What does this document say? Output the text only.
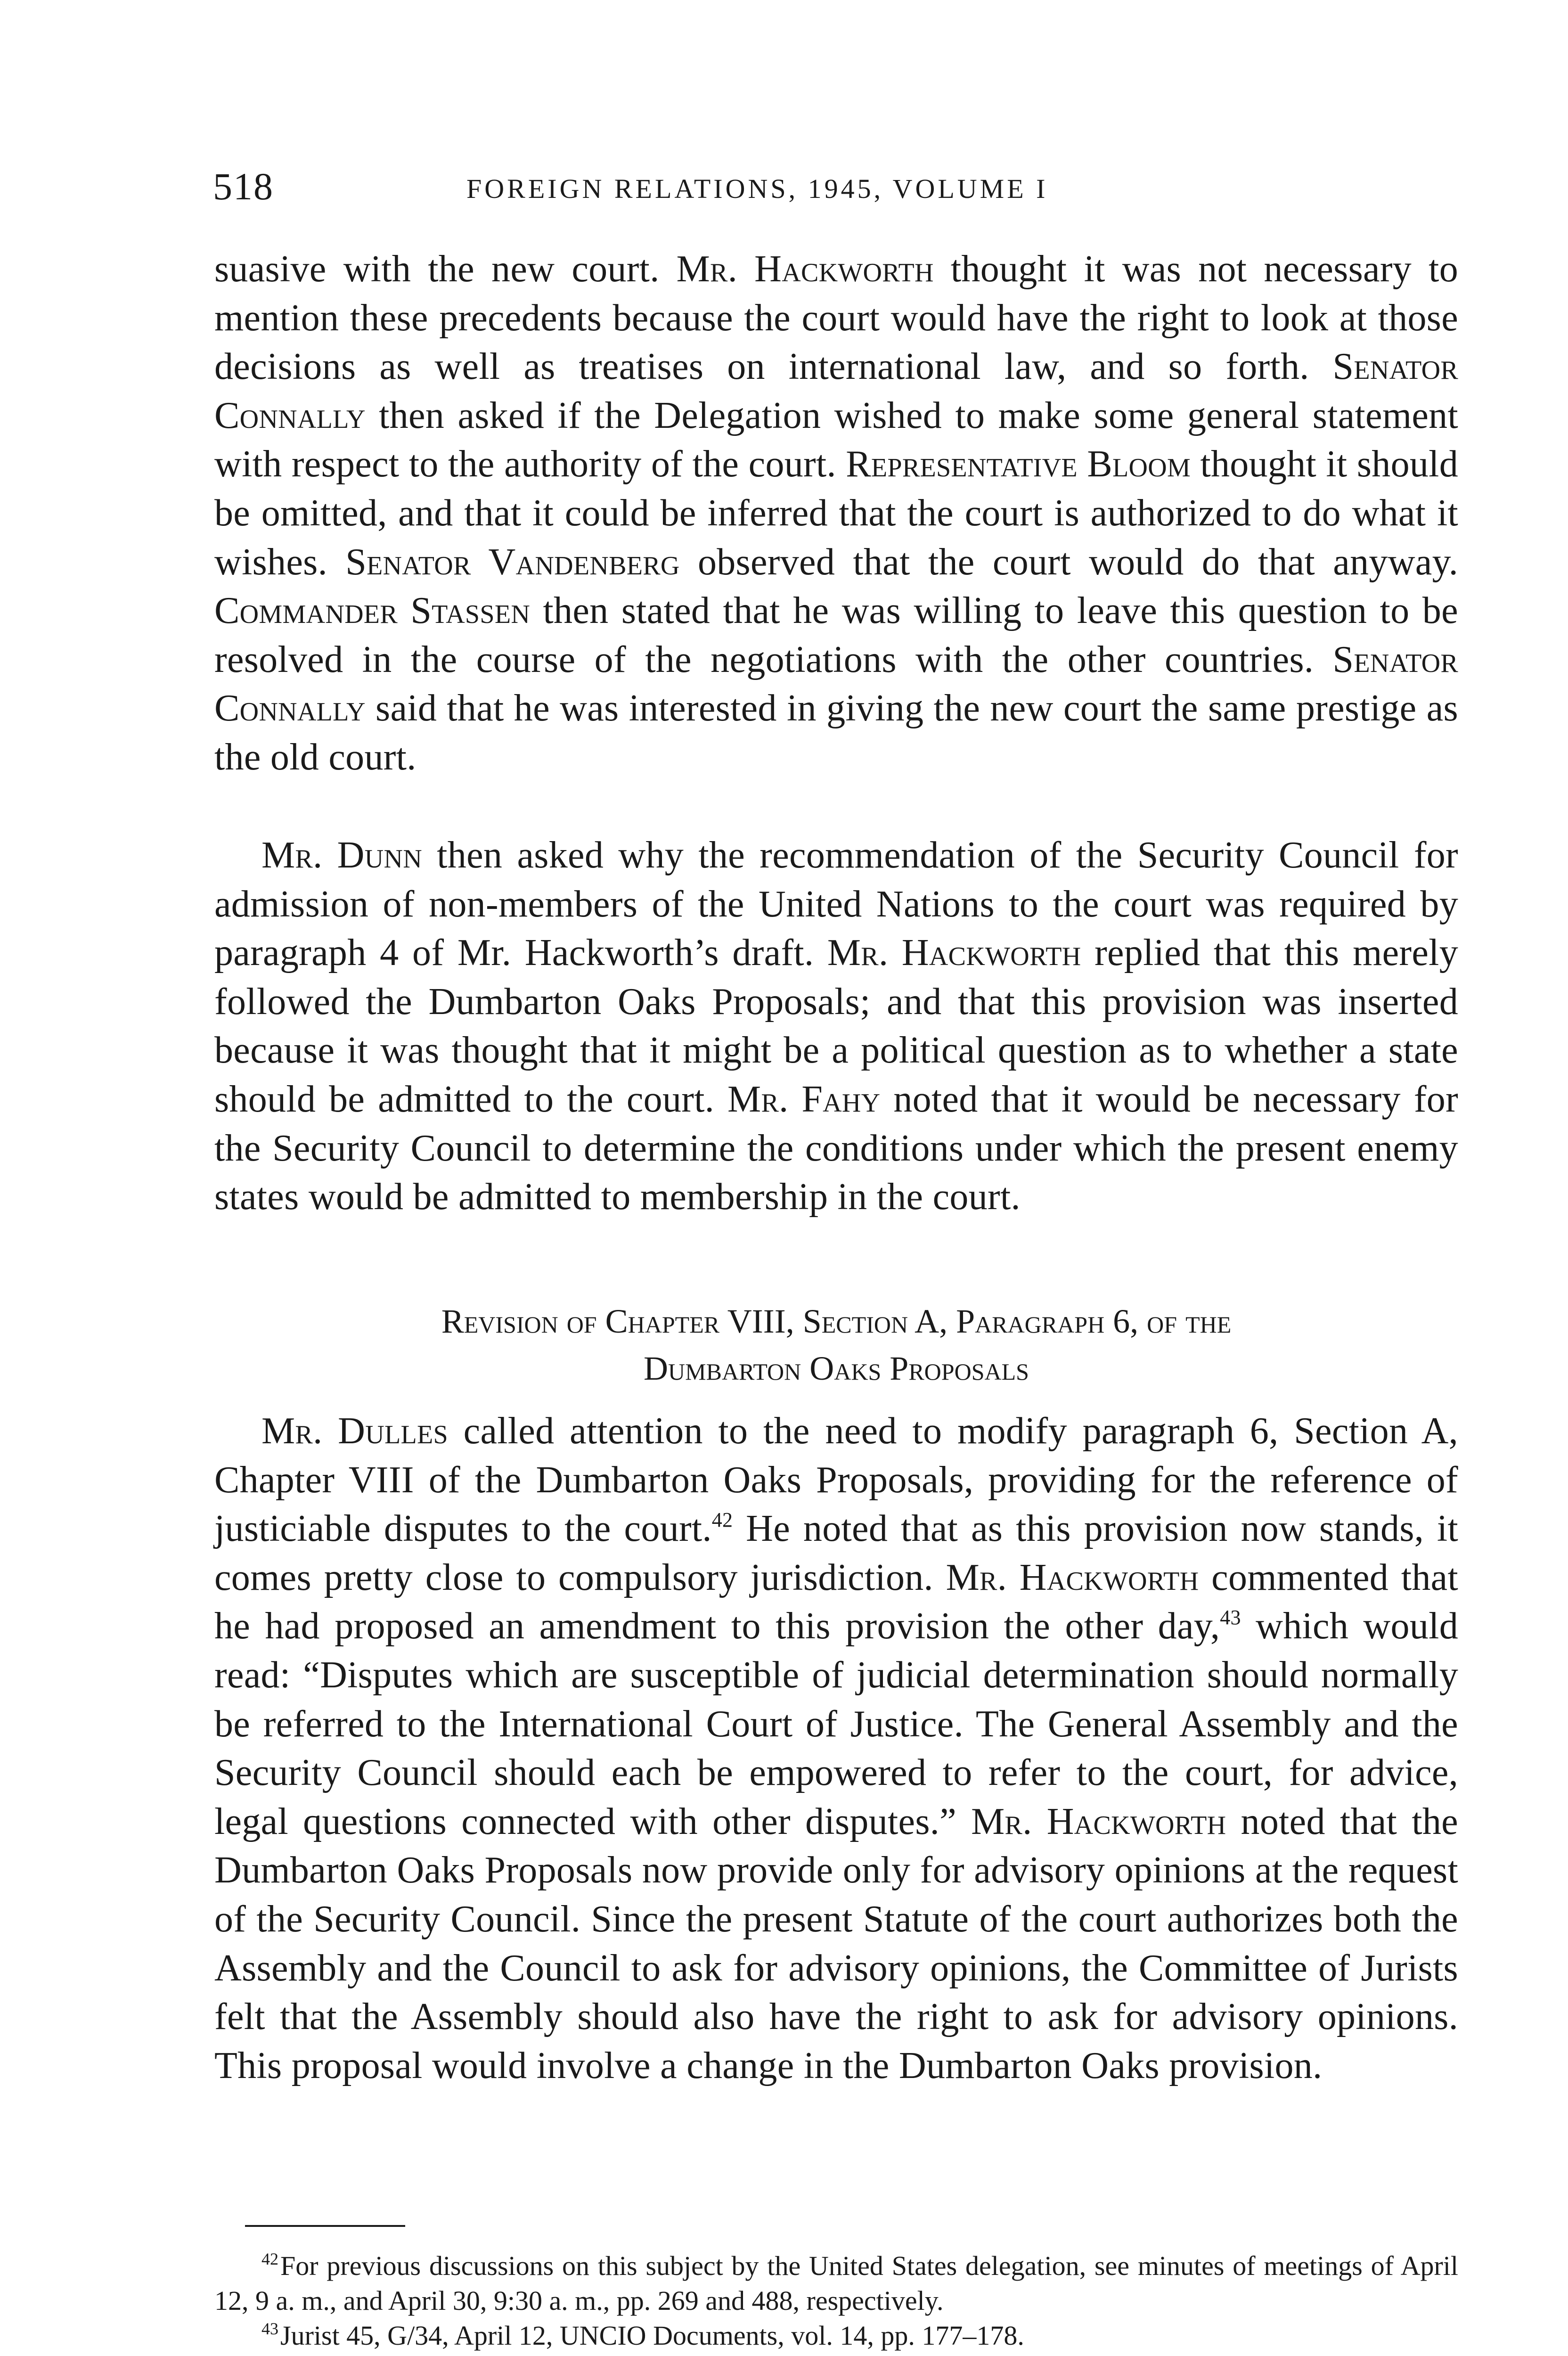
518	FOREIGN RELATIONS, 1945, VOLUME I

suasive with the new court. Mr. Hackworth thought it was not necessary to mention these precedents because the court would have the right to look at those decisions as well as treatises on international law, and so forth. Senator Connally then asked if the Delegation wished to make some general statement with respect to the authority of the court. Representative Bloom thought it should be omitted, and that it could be inferred that the court is authorized to do what it wishes. Senator Vandenberg observed that the court would do that anyway. Commander Stassen then stated that he was willing to leave this question to be resolved in the course of the negotiations with the other countries. Senator Connally said that he was interested in giving the new court the same prestige as the old court.

Mr. Dunn then asked why the recommendation of the Security Council for admission of non-members of the United Nations to the court was required by paragraph 4 of Mr. Hackworth’s draft. Mr. Hackworth replied that this merely followed the Dumbarton Oaks Proposals; and that this provision was inserted because it was thought that it might be a political question as to whether a state should be admitted to the court. Mr. Fahy noted that it would be necessary for the Security Council to determine the conditions under which the present enemy states would be admitted to membership in the court.

Revision of Chapter VIII, Section A, Paragraph 6, of the
Dumbarton Oaks Proposals

Mr. Dulles called attention to the need to modify paragraph 6, Section A, Chapter VIII of the Dumbarton Oaks Proposals, providing for the reference of justiciable disputes to the court.$^{42}$ He noted that as this provision now stands, it comes pretty close to compulsory jurisdiction. Mr. Hackworth commented that he had proposed an amendment to this provision the other day,$^{43}$ which would read: “Disputes which are susceptible of judicial determination should normally be referred to the International Court of Justice. The General Assembly and the Security Council should each be empowered to refer to the court, for advice, legal questions connected with other disputes.” Mr. Hackworth noted that the Dumbarton Oaks Proposals now provide only for advisory opinions at the request of the Security Council. Since the present Statute of the court authorizes both the Assembly and the Council to ask for advisory opinions, the Committee of Jurists felt that the Assembly should also have the right to ask for advisory opinions. This proposal would involve a change in the Dumbarton Oaks provision.

$^{42}$For previous discussions on this subject by the United States delegation, see minutes of meetings of April 12, 9 a. m., and April 30, 9:30 a. m., pp. 269 and 488, respectively.

$^{43}$Jurist 45, G/34, April 12, UNCIO Documents, vol. 14, pp. 177–178.
